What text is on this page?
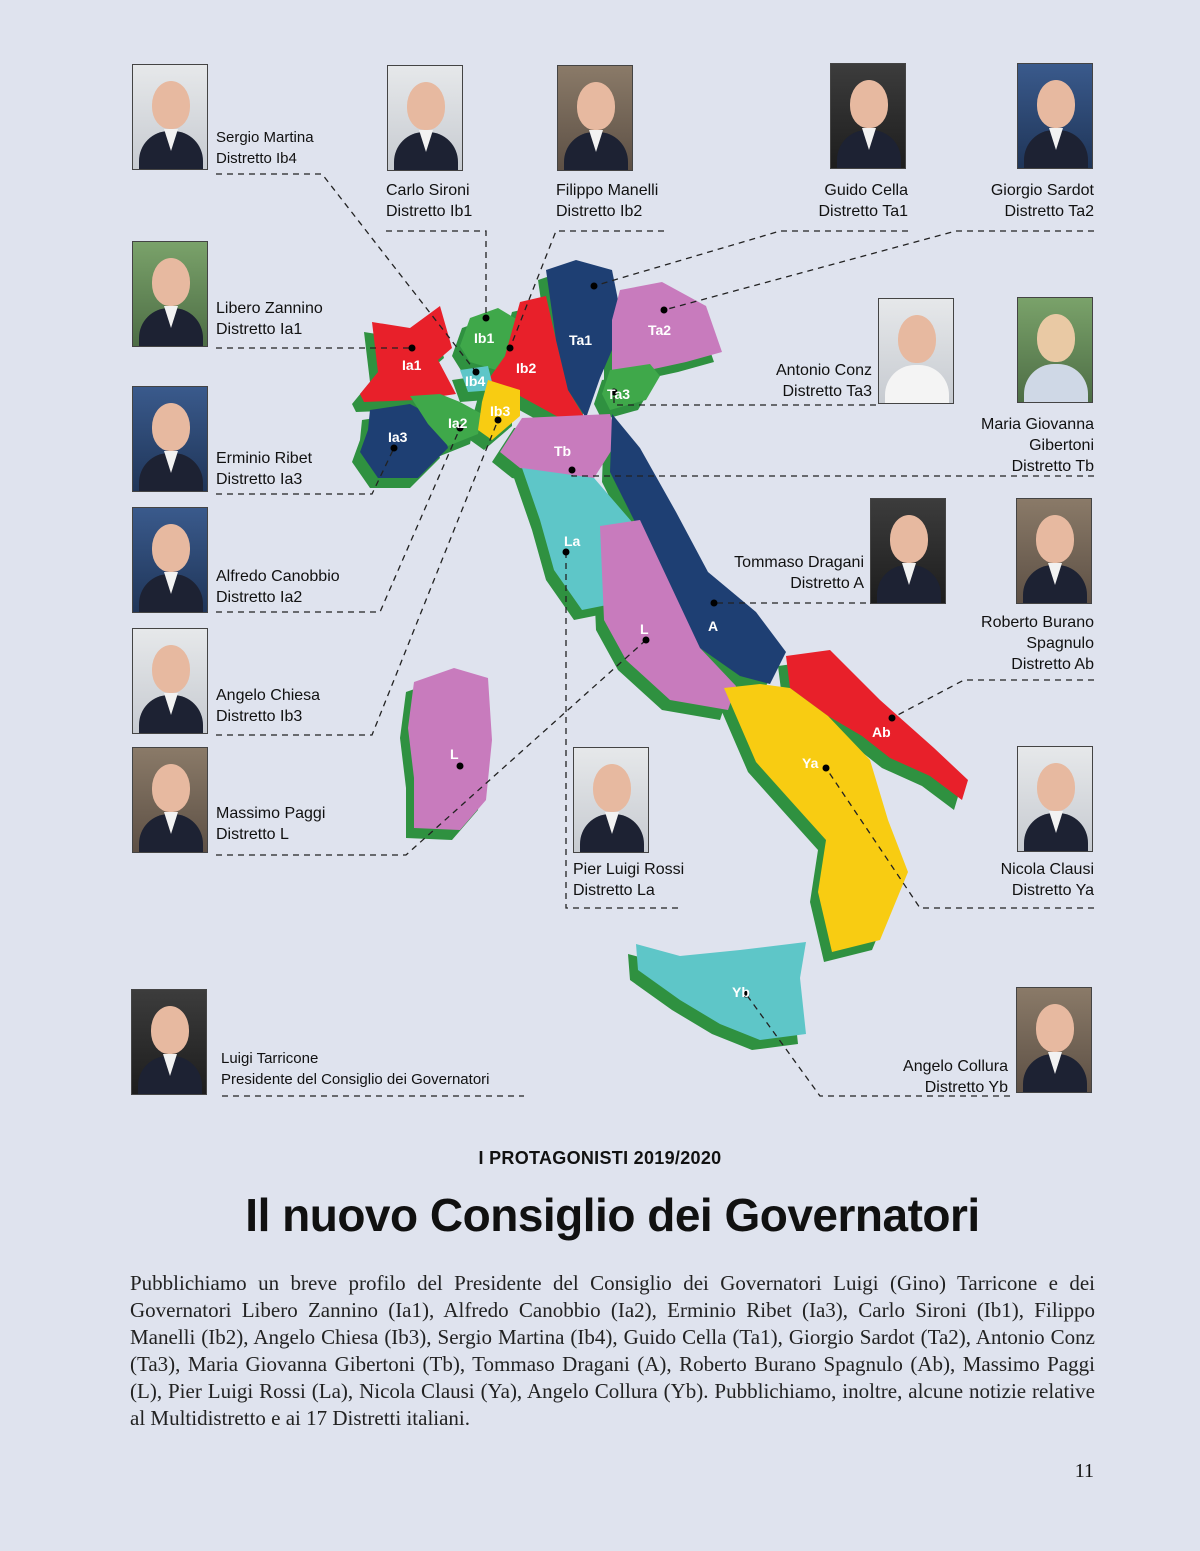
Ia1
Ia3
Ia2
Ib1
Ib2
Ib4
Ib3
Ta1
Ta2
Ta3
Tb
La
A
L
Ab
Ya
Yb
L
Sergio Martina
Distretto Ib4
Carlo Sironi
Distretto Ib1
Filippo Manelli
Distretto Ib2
Guido Cella
Distretto Ta1
Giorgio Sardot
Distretto Ta2
Libero Zannino
Distretto Ia1
Antonio Conz
Distretto Ta3
Maria Giovanna
Gibertoni
Distretto Tb
Erminio Ribet
Distretto Ia3
Alfredo Canobbio
Distretto Ia2
Tommaso Dragani
Distretto A
Roberto Burano
Spagnulo
Distretto Ab
Angelo Chiesa
Distretto Ib3
Massimo Paggi
Distretto L
Pier Luigi Rossi
Distretto La
Nicola Clausi
Distretto Ya
Luigi Tarricone
Presidente del Consiglio dei Governatori
Angelo Collura
Distretto Yb
I PROTAGONISTI 2019/2020
Il nuovo Consiglio dei Governatori
Pubblichiamo un breve profilo del Presidente del Consiglio dei Governatori Luigi (Gino) Tarricone e dei Governatori Libero Zannino (Ia1), Alfredo Canobbio (Ia2), Erminio Ribet (Ia3), Carlo Sironi (Ib1), Filippo Manelli (Ib2), Angelo Chiesa (Ib3), Sergio Martina (Ib4), Guido Cella (Ta1), Giorgio Sardot (Ta2), Antonio Conz (Ta3), Maria Giovanna Gibertoni (Tb), Tommaso Dragani (A), Roberto Burano Spagnulo (Ab), Massimo Paggi (L), Pier Luigi Rossi (La), Nicola Clausi (Ya), Angelo Collura (Yb). Pubblichiamo, inoltre, alcune notizie relative al Multidistretto e ai 17 Distretti italiani.
11
